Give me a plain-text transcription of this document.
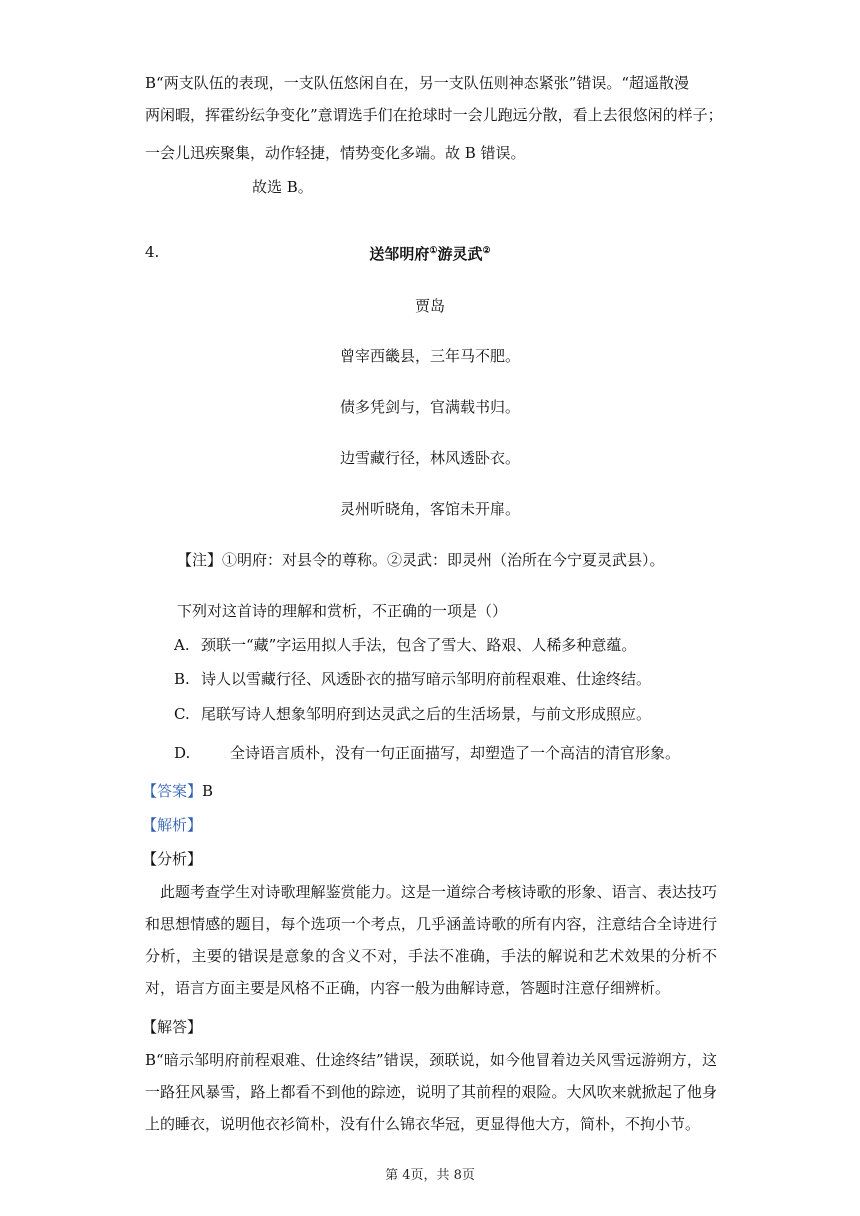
B“两支队伍的表现，一支队伍悠闲自在，另一支队伍则神态紧张”错误。“超遥散漫
两闲暇，挥霍纷纭争变化”意谓选手们在抢球时一会儿跑远分散，看上去很悠闲的样子；
一会儿迅疾聚集，动作轻捷，情势变化多端。故 B 错误。
故选 B。
4.	送邹明府①游灵武②
贾岛
曾宰西畿县，三年马不肥。
债多凭剑与，官满载书归。
边雪藏行径，林风透卧衣。
灵州听晓角，客馆未开扉。
【注】①明府：对县令的尊称。②灵武：即灵州（治所在今宁夏灵武县）。
下列对这首诗的理解和赏析，不正确的一项是（）
A. 颈联一“藏”字运用拟人手法，包含了雪大、路艰、人稀多种意蕴。
B. 诗人以雪藏行径、风透卧衣的描写暗示邹明府前程艰难、仕途终结。
C. 尾联写诗人想象邹明府到达灵武之后的生活场景，与前文形成照应。
D.	全诗语言质朴，没有一句正面描写，却塑造了一个高洁的清官形象。
【答案】B
【解析】
【分析】
此题考查学生对诗歌理解鉴赏能力。这是一道综合考核诗歌的形象、语言、表达技巧和思想情感的题目，每个选项一个考点，几乎涵盖诗歌的所有内容，注意结合全诗进行分析，主要的错误是意象的含义不对，手法不准确，手法的解说和艺术效果的分析不对，语言方面主要是风格不正确，内容一般为曲解诗意，答题时注意仔细辨析。
【解答】
B“暗示邹明府前程艰难、仕途终结”错误，颈联说，如今他冒着边关风雪远游朔方，这一路狂风暴雪，路上都看不到他的踪迹，说明了其前程的艰险。大风吹来就掀起了他身上的睡衣，说明他衣衫简朴，没有什么锦衣华冠，更显得他大方，简朴，不拘小节。
第 4页，共 8页
